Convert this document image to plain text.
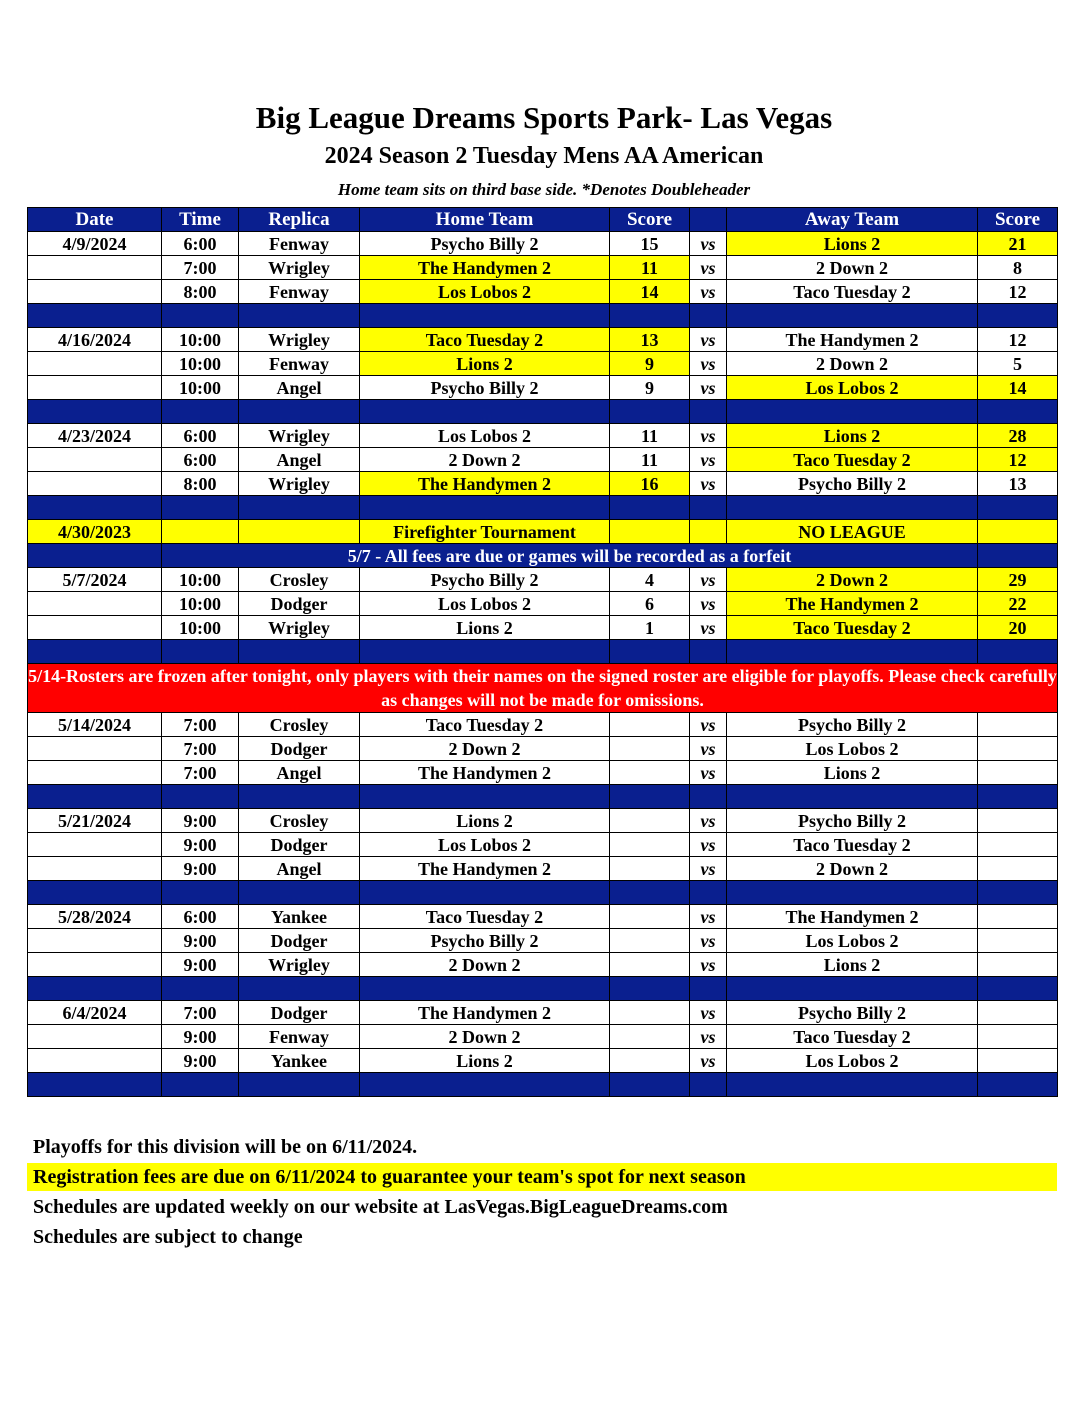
Big League Dreams Sports Park- Las Vegas
2024 Season 2 Tuesday Mens AA American
Home team sits on third base side. *Denotes Doubleheader
Date	Time	Replica	Home Team	Score		Away Team	Score
4/9/2024	6:00	Fenway	Psycho Billy 2	15	vs	Lions 2	21
	7:00	Wrigley	The Handymen 2	11	vs	2 Down 2	8
	8:00	Fenway	Los Lobos 2	14	vs	Taco Tuesday 2	12

4/16/2024	10:00	Wrigley	Taco Tuesday 2	13	vs	The Handymen 2	12
	10:00	Fenway	Lions 2	9	vs	2 Down 2	5
	10:00	Angel	Psycho Billy 2	9	vs	Los Lobos 2	14

4/23/2024	6:00	Wrigley	Los Lobos 2	11	vs	Lions 2	28
	6:00	Angel	2 Down 2	11	vs	Taco Tuesday 2	12
	8:00	Wrigley	The Handymen 2	16	vs	Psycho Billy 2	13

4/30/2023			Firefighter Tournament			NO LEAGUE	
	5/7 - All fees are due or games will be recorded as a forfeit						
5/7/2024	10:00	Crosley	Psycho Billy 2	4	vs	2 Down 2	29
	10:00	Dodger	Los Lobos 2	6	vs	The Handymen 2	22
	10:00	Wrigley	Lions 2	1	vs	Taco Tuesday 2	20

5/14-Rosters are frozen after tonight, only players with their names on the signed roster are eligible for playoffs. Please check carefully as changes will not be made for omissions.							
5/14/2024	7:00	Crosley	Taco Tuesday 2		vs	Psycho Billy 2	
	7:00	Dodger	2 Down 2		vs	Los Lobos 2	
	7:00	Angel	The Handymen 2		vs	Lions 2	

5/21/2024	9:00	Crosley	Lions 2		vs	Psycho Billy 2	
	9:00	Dodger	Los Lobos 2		vs	Taco Tuesday 2	
	9:00	Angel	The Handymen 2		vs	2 Down 2	

5/28/2024	6:00	Yankee	Taco Tuesday 2		vs	The Handymen 2	
	9:00	Dodger	Psycho Billy 2		vs	Los Lobos 2	
	9:00	Wrigley	2 Down 2		vs	Lions 2	

6/4/2024	7:00	Dodger	The Handymen 2		vs	Psycho Billy 2	
	9:00	Fenway	2 Down 2		vs	Taco Tuesday 2	
	9:00	Yankee	Lions 2		vs	Los Lobos 2	

Playoffs for this division will be on 6/11/2024.
Registration fees are due on 6/11/2024 to guarantee your team's spot for next season
Schedules are updated weekly on our website at LasVegas.BigLeagueDreams.com
Schedules are subject to change
